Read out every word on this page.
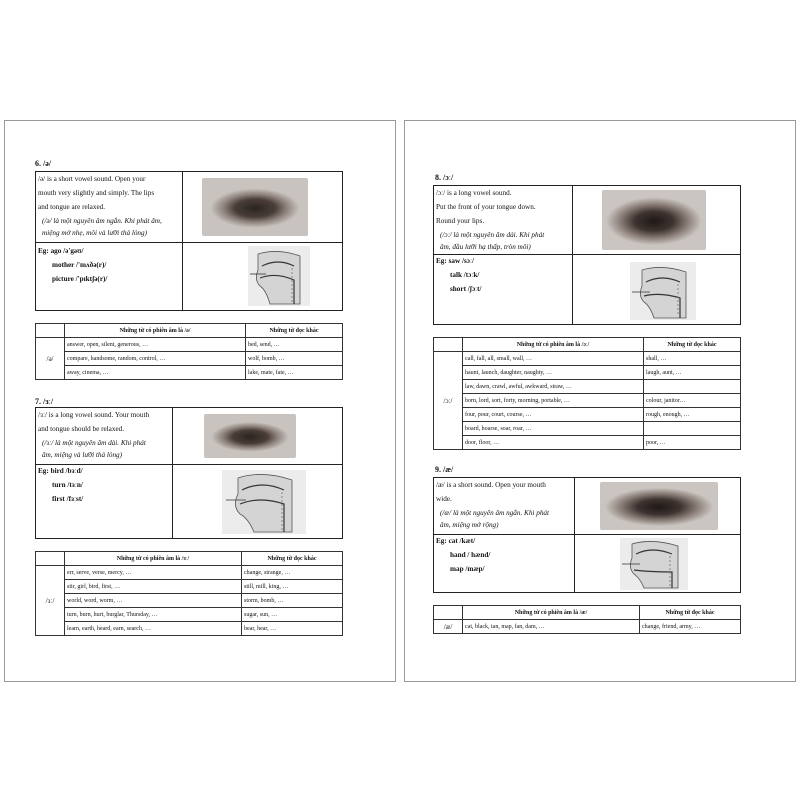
6. /ə/
/ə/ is a short vowel sound. Open your
mouth very slightly and simply. The lips
and tongue are relaxed.
(/ə/ là một nguyên âm ngắn. Khi phát âm,
miệng mở nhẹ, môi và lưỡi thả lỏng)
Eg: ago /ə'gəʊ/
mother /'mʌðə(r)/
picture /'pɪktʃə(r)/
	Những từ có phiên âm là /ə/	Những từ đọc khác
/ə/	answer, open, silent, generous, …	bed, send, …
	compare, handsome, random, control, …	wolf, bomb, …
	away, cinema, …	lake, mate, fate, …
7. /ɜː/
/ɜː/ is a long vowel sound. Your mouth
and tongue should be relaxed.
(/ɜː/ là một nguyên âm dài. Khi phát
âm, miệng và lưỡi thả lỏng)
Eg: bird /bɜːd/
turn /tɜːn/
first /fɜːst/
	Những từ có phiên âm là /ɜː/	Những từ đọc khác
/ɜː/	err, serve, verse, mercy, …	change, strange, …
	stir, girl, bird, first, …	still, mill, king, …
	world, word, worm, …	storm, bomb, …
	turn, burn, hurt, burglar, Thursday, …	sugar, sun, …
	learn, earth, heard, earn, search, …	bear, hear, …
8. /ɔː/
/ɔː/ is a long vowel sound.
Put the front of your tongue down.
Round your lips.
(/ɔː/ là một nguyên âm dài. Khi phát
âm, đầu lưỡi hạ thấp, tròn môi)
Eg: saw /sɔː/
talk /tɔːk/
short /ʃɔːt/
	Những từ có phiên âm là /ɔː/	Những từ đọc khác
/ɔː/	call, fall, all, small, wall, …	shall, …
	haunt, launch, daughter, naughty, …	laugh, aunt, …
	law, dawn, crawl, awful, awkward, straw, …	
	born, lord, sort, forty, morning, portable, …	colour, janitor…
	four, pour, court, course, …	rough, enough, …
	board, hoarse, soar, roar, …	
	door, floor, …	poor, …
9. /æ/
/æ/ is a short sound. Open your mouth
wide.
(/æ/ là một nguyên âm ngắn. Khi phát
âm, miệng mở rộng)
Eg: cat /kæt/
hand / hænd/
map /mæp/
	Những từ có phiên âm là /æ/	Những từ đọc khác
/æ/	cat, black, tan, map, fan, dam, …	change, friend, army, …
